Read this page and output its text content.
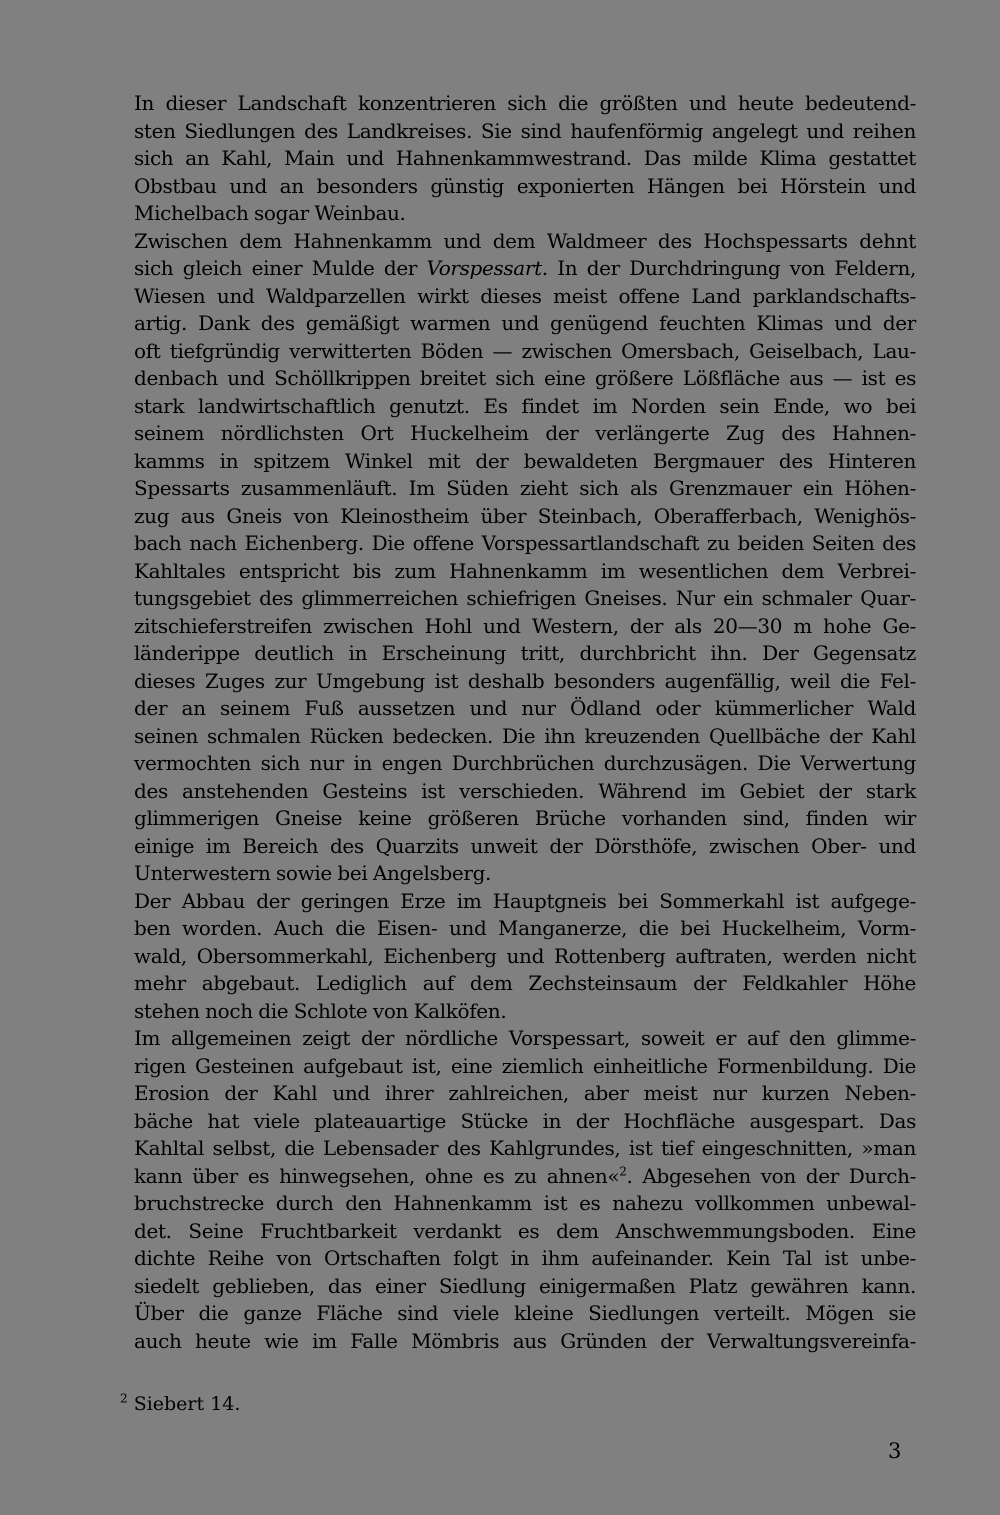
In dieser Landschaft konzentrieren sich die größten und heute bedeutend-
sten Siedlungen des Landkreises. Sie sind haufenförmig angelegt und reihen
sich an Kahl, Main und Hahnenkammwestrand. Das milde Klima gestattet
Obstbau und an besonders günstig exponierten Hängen bei Hörstein und
Michelbach sogar Weinbau.
Zwischen dem Hahnenkamm und dem Waldmeer des Hochspessarts dehnt
sich gleich einer Mulde der Vorspessart. In der Durchdringung von Feldern,
Wiesen und Waldparzellen wirkt dieses meist offene Land parklandschafts-
artig. Dank des gemäßigt warmen und genügend feuchten Klimas und der
oft tiefgründig verwitterten Böden — zwischen Omersbach, Geiselbach, Lau-
denbach und Schöllkrippen breitet sich eine größere Lößfläche aus — ist es
stark landwirtschaftlich genutzt. Es findet im Norden sein Ende, wo bei
seinem nördlichsten Ort Huckelheim der verlängerte Zug des Hahnen-
kamms in spitzem Winkel mit der bewaldeten Bergmauer des Hinteren
Spessarts zusammenläuft. Im Süden zieht sich als Grenzmauer ein Höhen-
zug aus Gneis von Kleinostheim über Steinbach, Oberafferbach, Wenighös-
bach nach Eichenberg. Die offene Vorspessartlandschaft zu beiden Seiten des
Kahltales entspricht bis zum Hahnenkamm im wesentlichen dem Verbrei-
tungsgebiet des glimmerreichen schiefrigen Gneises. Nur ein schmaler Quar-
zitschieferstreifen zwischen Hohl und Western, der als 20—30 m hohe Ge-
länderippe deutlich in Erscheinung tritt, durchbricht ihn. Der Gegensatz
dieses Zuges zur Umgebung ist deshalb besonders augenfällig, weil die Fel-
der an seinem Fuß aussetzen und nur Ödland oder kümmerlicher Wald
seinen schmalen Rücken bedecken. Die ihn kreuzenden Quellbäche der Kahl
vermochten sich nur in engen Durchbrüchen durchzusägen. Die Verwertung
des anstehenden Gesteins ist verschieden. Während im Gebiet der stark
glimmerigen Gneise keine größeren Brüche vorhanden sind, finden wir
einige im Bereich des Quarzits unweit der Dörsthöfe, zwischen Ober- und
Unterwestern sowie bei Angelsberg.
Der Abbau der geringen Erze im Hauptgneis bei Sommerkahl ist aufgege-
ben worden. Auch die Eisen- und Manganerze, die bei Huckelheim, Vorm-
wald, Obersommerkahl, Eichenberg und Rottenberg auftraten, werden nicht
mehr abgebaut. Lediglich auf dem Zechsteinsaum der Feldkahler Höhe
stehen noch die Schlote von Kalköfen.
Im allgemeinen zeigt der nördliche Vorspessart, soweit er auf den glimme-
rigen Gesteinen aufgebaut ist, eine ziemlich einheitliche Formenbildung. Die
Erosion der Kahl und ihrer zahlreichen, aber meist nur kurzen Neben-
bäche hat viele plateauartige Stücke in der Hochfläche ausgespart. Das
Kahltal selbst, die Lebensader des Kahlgrundes, ist tief eingeschnitten, »man
kann über es hinwegsehen, ohne es zu ahnen«$^2$. Abgesehen von der Durch-
bruchstrecke durch den Hahnenkamm ist es nahezu vollkommen unbewal-
det. Seine Fruchtbarkeit verdankt es dem Anschwemmungsboden. Eine
dichte Reihe von Ortschaften folgt in ihm aufeinander. Kein Tal ist unbe-
siedelt geblieben, das einer Siedlung einigermaßen Platz gewähren kann.
Über die ganze Fläche sind viele kleine Siedlungen verteilt. Mögen sie
auch heute wie im Falle Mömbris aus Gründen der Verwaltungsvereinfa-
$^2$ Siebert 14.
3
